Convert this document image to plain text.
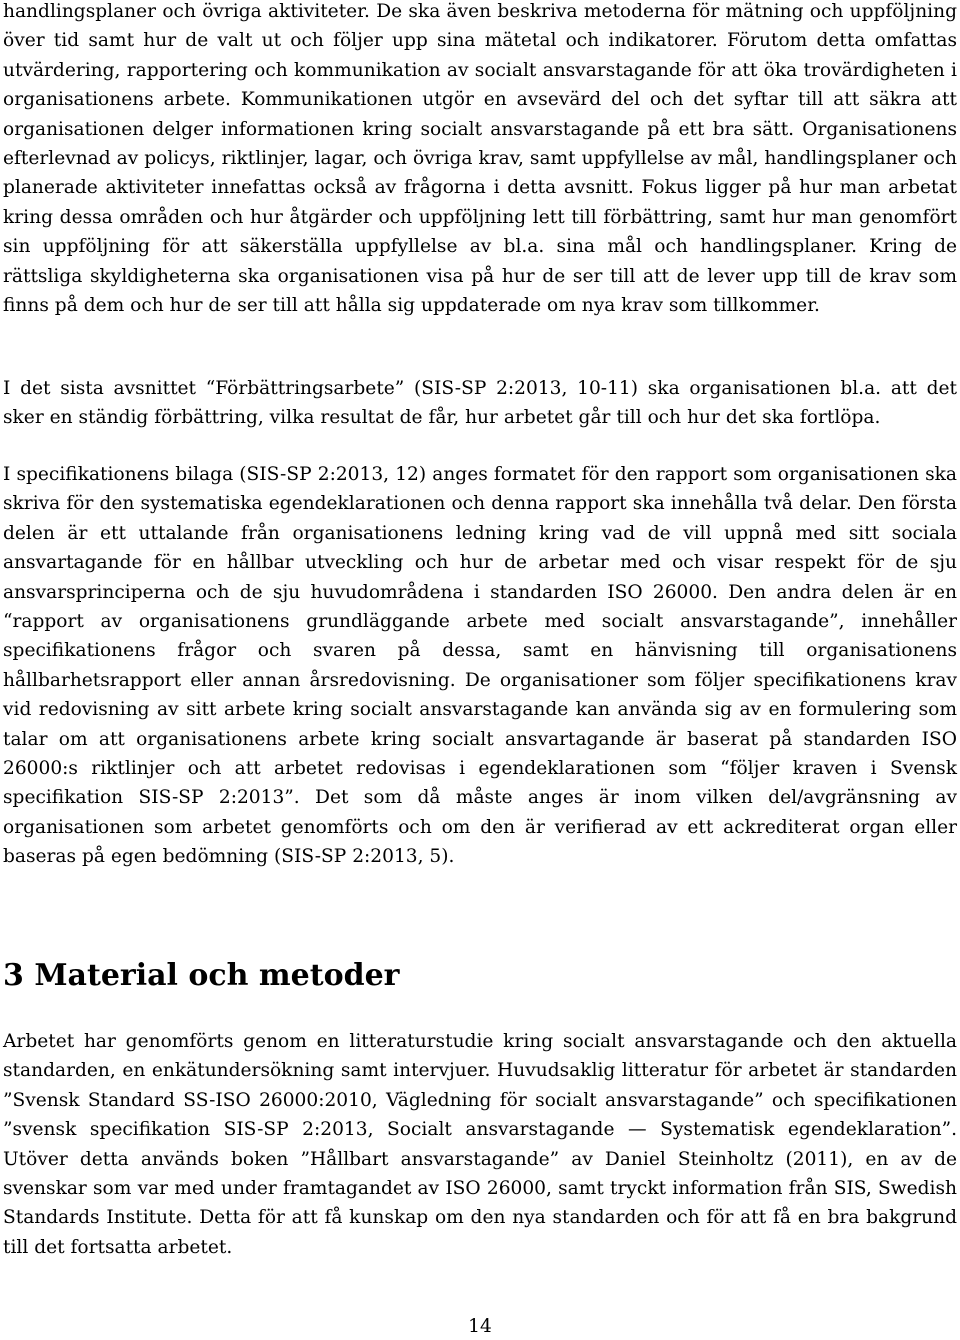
handlingsplaner och övriga aktiviteter. De ska även beskriva metoderna för mätning och uppföljning över tid samt hur de valt ut och följer upp sina mätetal och indikatorer. Förutom detta omfattas utvärdering, rapportering och kommunikation av socialt ansvarstagande för att öka trovärdigheten i organisationens arbete. Kommunikationen utgör en avsevärd del och det syftar till att säkra att organisationen delger informationen kring socialt ansvarstagande på ett bra sätt. Organisationens efterlevnad av policys, riktlinjer, lagar, och övriga krav, samt uppfyllelse av mål, handlingsplaner och planerade aktiviteter innefattas också av frågorna i detta avsnitt. Fokus ligger på hur man arbetat kring dessa områden och hur åtgärder och uppföljning lett till förbättring, samt hur man genomfört sin uppföljning för att säkerställa uppfyllelse av bl.a. sina mål och handlingsplaner. Kring de rättsliga skyldigheterna ska organisationen visa på hur de ser till att de lever upp till de krav som finns på dem och hur de ser till att hålla sig uppdaterade om nya krav som tillkommer.

I det sista avsnittet “Förbättringsarbete” (SIS-SP 2:2013, 10-11) ska organisationen bl.a. att det sker en ständig förbättring, vilka resultat de får, hur arbetet går till och hur det ska fortlöpa.

I specifikationens bilaga (SIS-SP 2:2013, 12) anges formatet för den rapport som organisationen ska skriva för den systematiska egendeklarationen och denna rapport ska innehålla två delar. Den första delen är ett uttalande från organisationens ledning kring vad de vill uppnå med sitt sociala ansvartagande för en hållbar utveckling och hur de arbetar med och visar respekt för de sju ansvarsprinciperna och de sju huvudområdena i standarden ISO 26000. Den andra delen är en “rapport av organisationens grundläggande arbete med socialt ansvarstagande”, innehåller specifikationens frågor och svaren på dessa, samt en hänvisning till organisationens hållbarhetsrapport eller annan årsredovisning. De organisationer som följer specifikationens krav vid redovisning av sitt arbete kring socialt ansvarstagande kan använda sig av en formulering som talar om att organisationens arbete kring socialt ansvartagande är baserat på standarden ISO 26000:s riktlinjer och att arbetet redovisas i egendeklarationen som “följer kraven i Svensk specifikation SIS-SP 2:2013”. Det som då måste anges är inom vilken del/avgränsning av organisationen som arbetet genomförts och om den är verifierad av ett ackrediterat organ eller baseras på egen bedömning (SIS-SP 2:2013, 5).

3 Material och metoder

Arbetet har genomförts genom en litteraturstudie kring socialt ansvarstagande och den aktuella standarden, en enkätundersökning samt intervjuer. Huvudsaklig litteratur för arbetet är standarden ”Svensk Standard SS-ISO 26000:2010, Vägledning för socialt ansvarstagande” och specifikationen ”svensk specifikation SIS-SP 2:2013, Socialt ansvarstagande — Systematisk egendeklaration”. Utöver detta används boken ”Hållbart ansvarstagande” av Daniel Steinholtz (2011), en av de svenskar som var med under framtagandet av ISO 26000, samt tryckt information från SIS, Swedish Standards Institute. Detta för att få kunskap om den nya standarden och för att få en bra bakgrund till det fortsatta arbetet.

14
